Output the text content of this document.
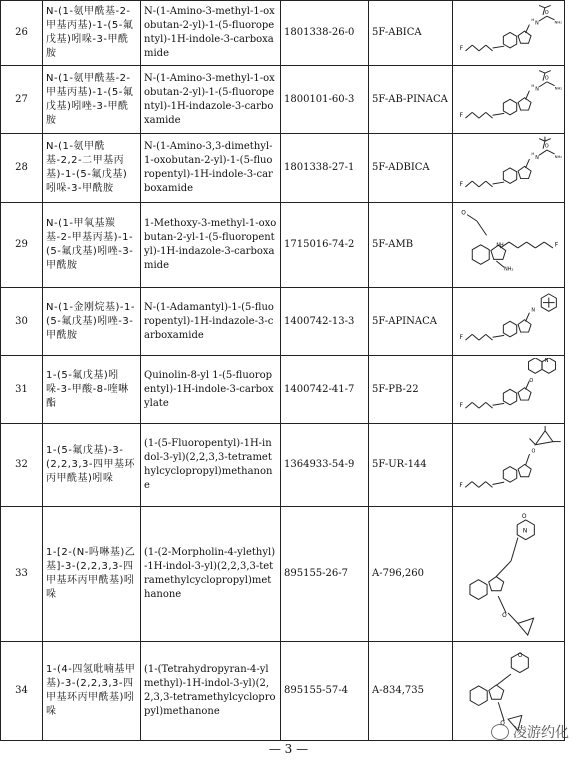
26	N-(1-氨甲酰基-2-甲基丙基)-1-(5-氟戊基)吲哚-3-甲酰胺	N-(1-Amino-3-methyl-1-oxobutan-2-yl)-1-(5-fluoropentyl)-1H-indole-3-carboxamide	1801338-26-0	5F-ABICA	F
H
N
O
NH₂

27	N-(1-氨甲酰基-2-甲基丙基)-1-(5-氟戊基)吲唑-3-甲酰胺	N-(1-Amino-3-methyl-1-oxobutan-2-yl)-1-(5-fluoropentyl)-1H-indazole-3-carboxamide	1800101-60-3	5F-AB-PINACA	F
H
N
O
NH₂

28	N-(1-氨甲酰基-2,2-二甲基丙基)-1-(5-氟戊基)吲哚-3-甲酰胺	N-(1-Amino-3,3-dimethyl-1-oxobutan-2-yl)-1-(5-fluoropentyl)-1H-indole-3-carboxamide	1801338-27-1	5F-ADBICA	F
H
N
O
NH₂

29	N-(1-甲氧基羰基-2-甲基丙基)-1-(5-氟戊基)吲唑-3-甲酰胺	1-Methoxy-3-methyl-1-oxobutan-2-yl-1-(5-fluoropentyl)-1H-indazole-3-carboxamide	1715016-74-2	5F-AMB	NH
O
F
NH₂

30	N-(1-金刚烷基)-1-(5-氟戊基)吲唑-3-甲酰胺	N-(1-Adamantyl)-1-(5-fluoropentyl)-1H-indazole-3-carboxamide	1400742-13-3	5F-APINACA	F
N

31	1-(5-氟戊基)吲哚-3-甲酸-8-喹啉酯	Quinolin-8-yl 1-(5-fluoropentyl)-1H-indole-3-carboxylate	1400742-41-7	5F-PB-22	F
O
N

32	1-(5-氟戊基)-3-(2,2,3,3-四甲基环丙甲酰基)吲哚	(1-(5-Fluoropentyl)-1H-indol-3-yl)(2,2,3,3-tetramethylcyclopropyl)methanone	1364933-54-9	5F-UR-144	F
O

33	1-[2-(N-吗啉基)乙基]-3-(2,2,3,3-四甲基环丙甲酰基)吲哚	(1-(2-Morpholin-4-ylethyl)-1H-indol-3-yl)(2,2,3,3-tetramethylcyclopropyl)methanone	895155-26-7	A-796,260	N
O
O

34	1-(4-四氢吡喃基甲基)-3-(2,2,3,3-四甲基环丙甲酰基)吲哚	(1-(Tetrahydropyran-4-ylmethyl)-1H-indol-3-yl)(2,2,3,3-tetramethylcyclopropyl)methanone	895155-57-4	A-834,735	O
O
凌游约化
— 3 —
